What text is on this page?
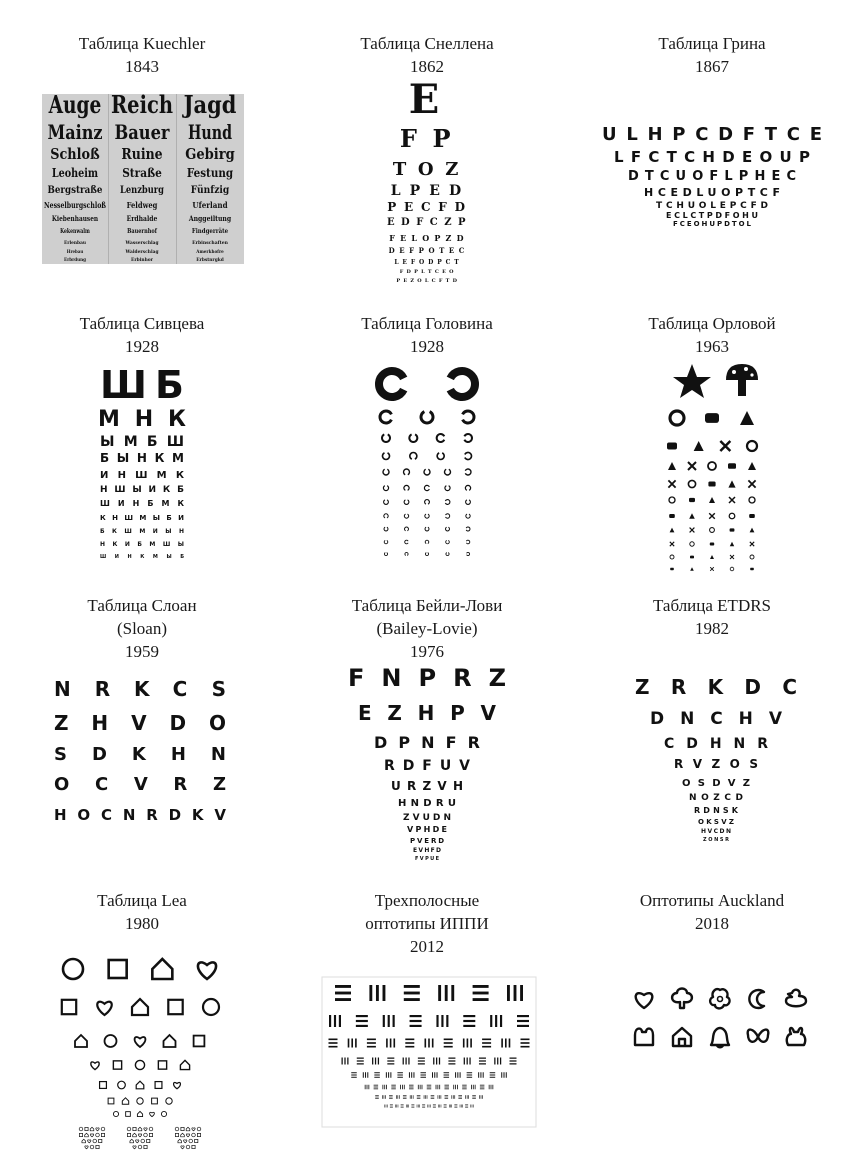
Таблица Kuechler
1843
Auge Reich Jagd
Mainz Bauer Hund
Schloß Ruine Gebirg
Leoheim Straße Festung
Bergstraße Lenzburg	Fünfzig
Nesselburgschloß	Feldweg	Uferland
Kiebenhausen	Erdhalde	Anggeiltung
Kekenwalm	Bauernhof	Findgerräte
Erlenbau	Wasserschlag	Erbinschaften
Hrebau	Walderschlag	Amerkhofre
Erbrdung	Erbinhor	Erbstnrgkd
Таблица Снеллена
1862
E
F P
T O Z
L P E D
P E C F D
E D F C Z P
F E L O P Z D
D E F P O T E C
L E F O D P C T
F D P L T C E O
P E Z O L C F T D
Таблица Грина
1867
ULHPCDFTCE
LFCTCHDEOUP
DTCUOFLPHEC
HCEDLUOPTCF
TCHUOLEPCFD
ECLCTPDFOHU
FCEOHUPDTOL
Таблица Сивцева
1928
ШБ
МНК
ЫМБШ
БЫНКМ
ИНШМК
НШЫИКБ
ШИНБМК
КНШМЫБИ
БКШМИЫН
НКИБМШЫ
ШИНКМЫБ
Таблица Головина
1928
Таблица Орловой
1963
Таблица Слоан
(Sloan)
1959
NRKCS
ZHVDO
SDKHN
OCVRZ
HOCNRDKV
Таблица Бейли-Лови
(Bailey-Lovie)
1976
FNPRZ
EZHPV
DPNFR
RDFUV
URZVH
HNDRU
ZVUDN
VPHDE
PVERD
EVHFD
FVPUE
Таблица ETDRS
1982
ZRKDC
DNCHV
CDHNR
RVZOS
OSDVZ
NOZCD
RDNSK
OKSVZ
HVCDN
ZONSR
Таблица Lea
1980
Трехполосные
оптотипы ИППИ
2012
Оптотипы Auckland
2018
